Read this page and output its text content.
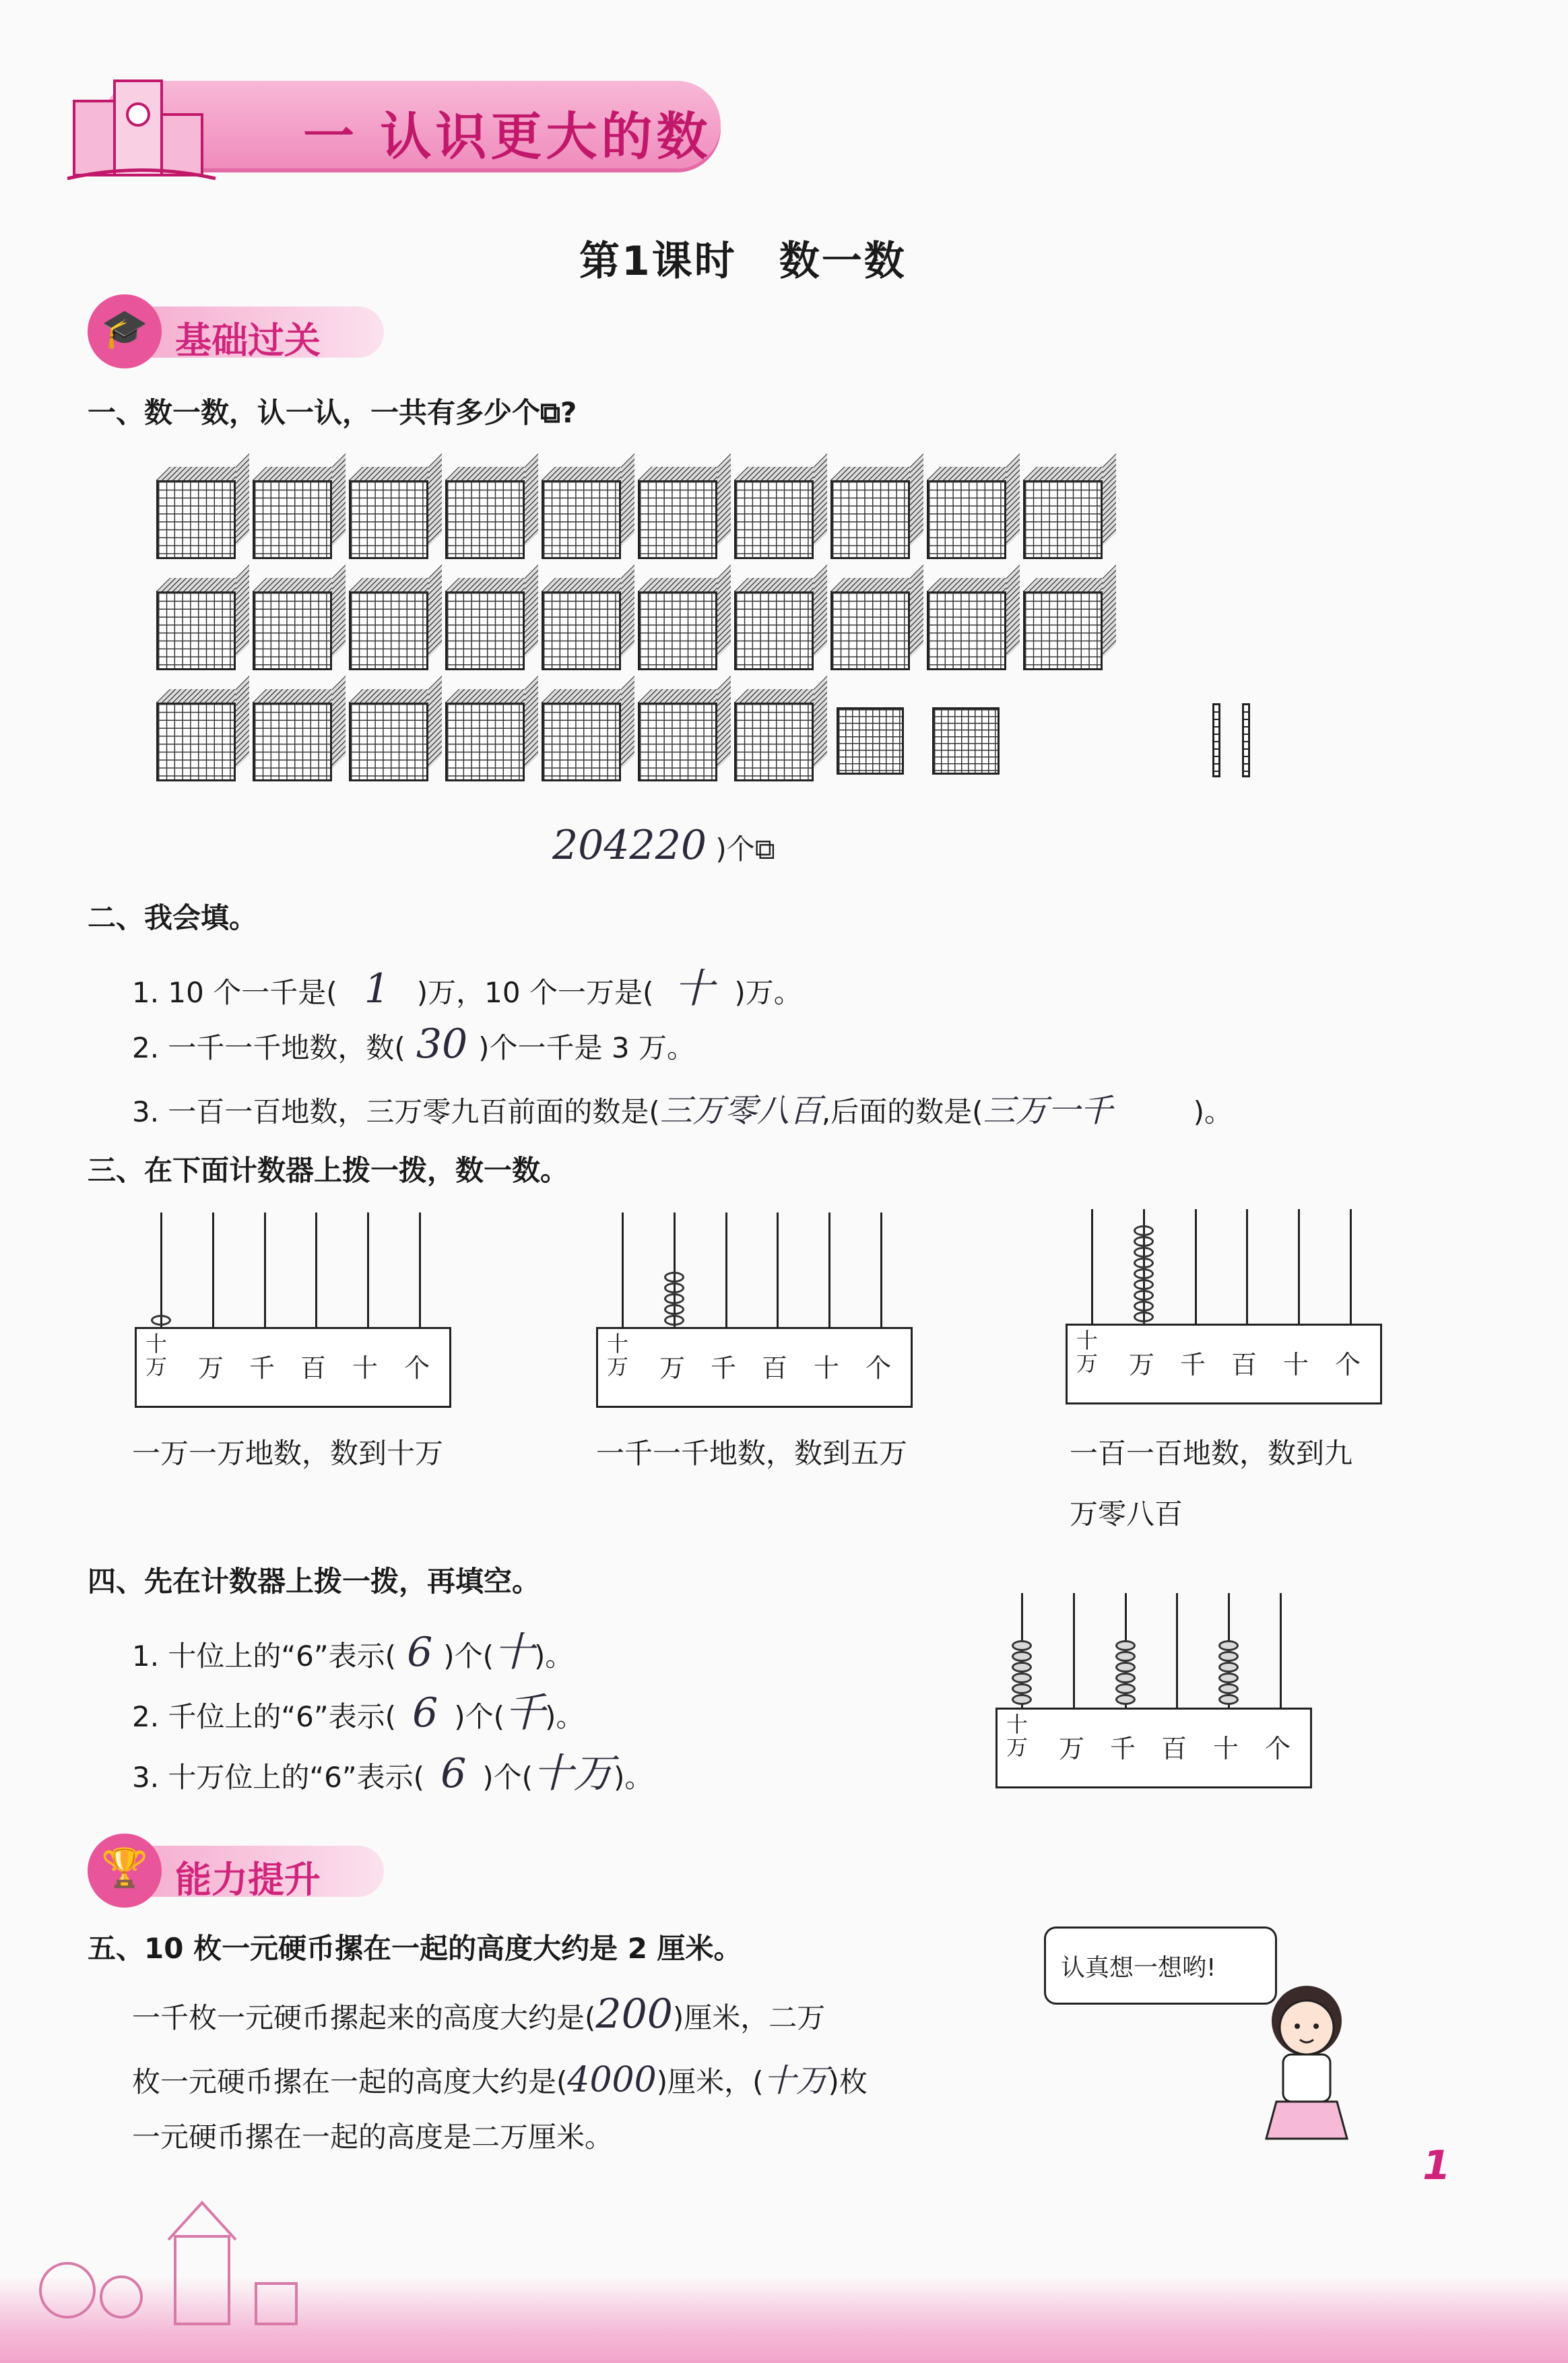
一 认识更大的数
第1课时　数一数
🎓 基础过关
一、数一数，认一认，一共有多少个⧉?
204220 )个⧉
二、我会填。
1. 10 个一千是( 1 )万，10 个一万是( 十 )万。
2. 一千一千地数，数( 30 )个一千是 3 万。
3. 一百一百地数，三万零九百前面的数是(三万零八百,后面的数是(三万一千	)。
三、在下面计数器上拨一拨，数一数。
十
万 万 千 百 十 个
十
万 万 千 百 十 个
十
万 万 千 百 十 个
一万一万地数，数到十万	一千一千地数，数到五万	一百一百地数，数到九
万零八百
四、先在计数器上拨一拨，再填空。
1. 十位上的“6”表示( 6 )个(十)。
2. 千位上的“6”表示( 6 )个(千)。
3. 十万位上的“6”表示( 6 )个(十万)。
十
万 万 千 百 十 个
🏆 能力提升
五、10 枚一元硬币摞在一起的高度大约是 2 厘米。
一千枚一元硬币摞起来的高度大约是(200)厘米，二万
枚一元硬币摞在一起的高度大约是(4000)厘米，(十万)枚
一元硬币摞在一起的高度是二万厘米。
认真想一想哟!
1
